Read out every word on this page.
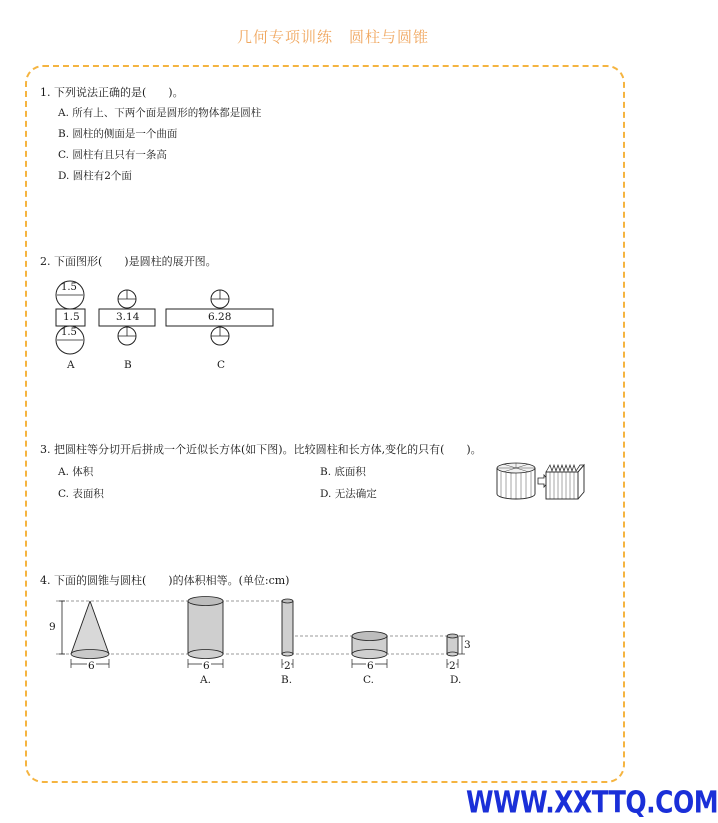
几何专项训练　圆柱与圆锥
1. 下列说法正确的是(　　)。
A. 所有上、下两个面是圆形的物体都是圆柱
B. 圆柱的侧面是一个曲面
C. 圆柱有且只有一条高
D. 圆柱有2个面
2. 下面图形(　　)是圆柱的展开图。
1.5
1.5
1.5
A
3.14
B
6.28
C
3. 把圆柱等分切开后拼成一个近似长方体(如下图)。比较圆柱和长方体,变化的只有(　　)。
A. 体积	B. 底面积
C. 表面积	D. 无法确定
4. 下面的圆锥与圆柱(　　)的体积相等。(单位:cm)
9
6	6
A.
2
B.
6
C.
2
3
D.
WWW.XXTTQ.COM
